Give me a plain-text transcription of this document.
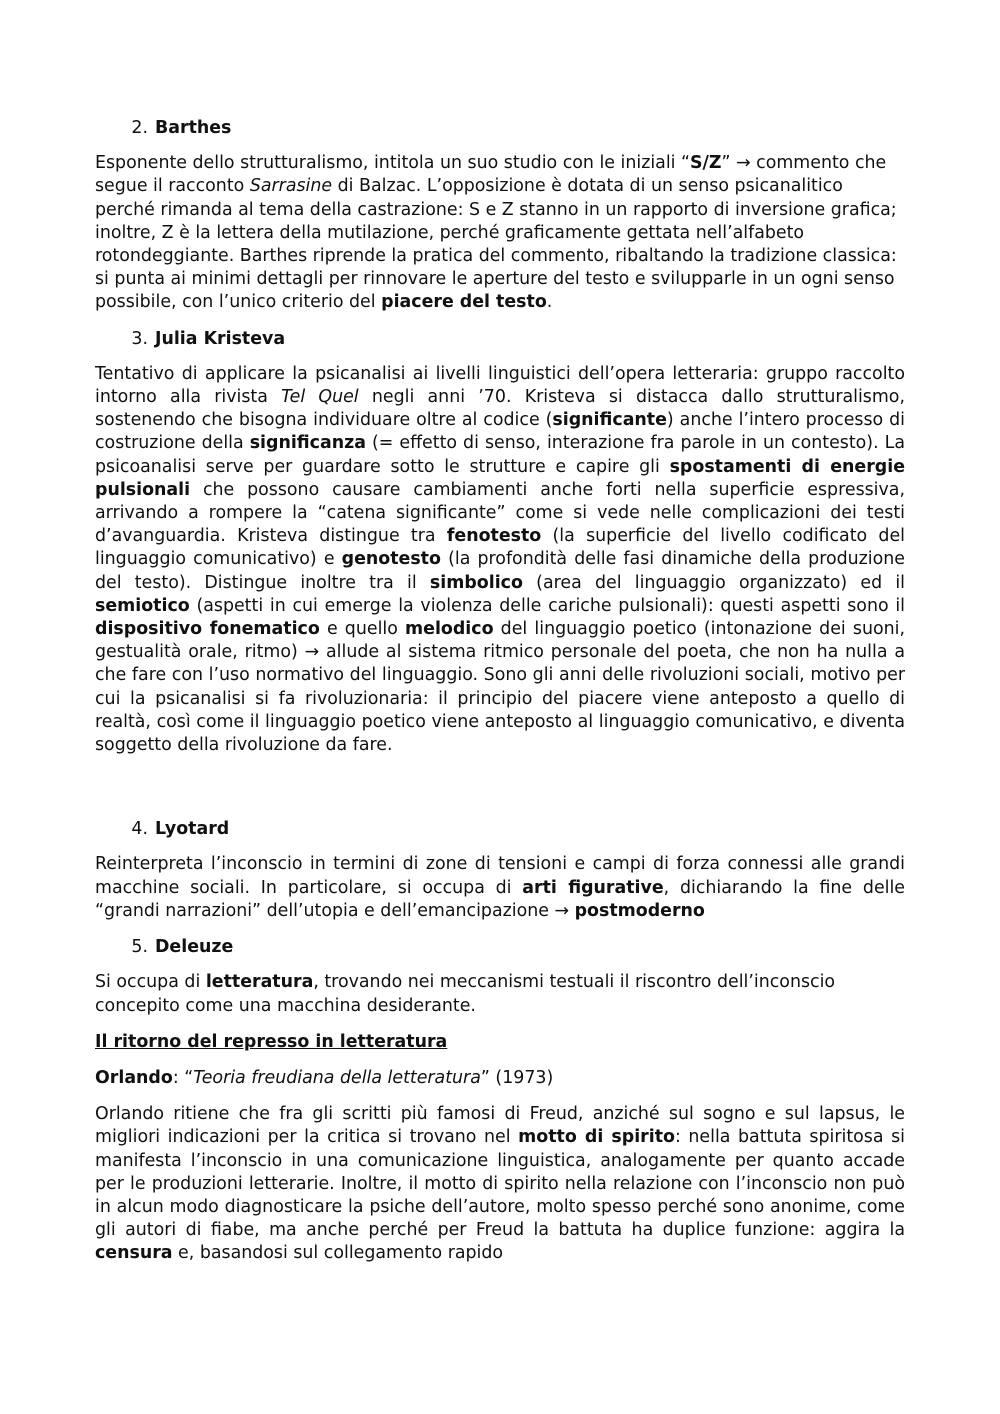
2. Barthes

Esponente dello strutturalismo, intitola un suo studio con le iniziali “S/Z” → commento che segue il racconto Sarrasine di Balzac. L’opposizione è dotata di un senso psicanalitico perché rimanda al tema della castrazione: S e Z stanno in un rapporto di inversione grafica; inoltre, Z è la lettera della mutilazione, perché graficamente gettata nell’alfabeto rotondeggiante. Barthes riprende la pratica del commento, ribaltando la tradizione classica: si punta ai minimi dettagli per rinnovare le aperture del testo e svilupparle in un ogni senso possibile, con l’unico criterio del piacere del testo.

3. Julia Kristeva

Tentativo di applicare la psicanalisi ai livelli linguistici dell’opera letteraria: gruppo raccolto intorno alla rivista Tel Quel negli anni ’70. Kristeva si distacca dallo strutturalismo, sostenendo che bisogna individuare oltre al codice (significante) anche l’intero processo di costruzione della significanza (= effetto di senso, interazione fra parole in un contesto). La psicoanalisi serve per guardare sotto le strutture e capire gli spostamenti di energie pulsionali che possono causare cambiamenti anche forti nella superficie espressiva, arrivando a rompere la “catena significante” come si vede nelle complicazioni dei testi d’avanguardia. Kristeva distingue tra fenotesto (la superficie del livello codificato del linguaggio comunicativo) e genotesto (la profondità delle fasi dinamiche della produzione del testo). Distingue inoltre tra il simbolico (area del linguaggio organizzato) ed il semiotico (aspetti in cui emerge la violenza delle cariche pulsionali): questi aspetti sono il dispositivo fonematico e quello melodico del linguaggio poetico (intonazione dei suoni, gestualità orale, ritmo) → allude al sistema ritmico personale del poeta, che non ha nulla a che fare con l’uso normativo del linguaggio. Sono gli anni delle rivoluzioni sociali, motivo per cui la psicanalisi si fa rivoluzionaria: il principio del piacere viene anteposto a quello di realtà, così come il linguaggio poetico viene anteposto al linguaggio comunicativo, e diventa soggetto della rivoluzione da fare.

4. Lyotard

Reinterpreta l’inconscio in termini di zone di tensioni e campi di forza connessi alle grandi macchine sociali. In particolare, si occupa di arti figurative, dichiarando la fine delle “grandi narrazioni” dell’utopia e dell’emancipazione → postmoderno

5. Deleuze

Si occupa di letteratura, trovando nei meccanismi testuali il riscontro dell’inconscio concepito come una macchina desiderante.

Il ritorno del represso in letteratura

Orlando: “Teoria freudiana della letteratura” (1973)

Orlando ritiene che fra gli scritti più famosi di Freud, anziché sul sogno e sul lapsus, le migliori indicazioni per la critica si trovano nel motto di spirito: nella battuta spiritosa si manifesta l’inconscio in una comunicazione linguistica, analogamente per quanto accade per le produzioni letterarie. Inoltre, il motto di spirito nella relazione con l’inconscio non può in alcun modo diagnosticare la psiche dell’autore, molto spesso perché sono anonime, come gli autori di fiabe, ma anche perché per Freud la battuta ha duplice funzione: aggira la censura e, basandosi sul collegamento rapido
